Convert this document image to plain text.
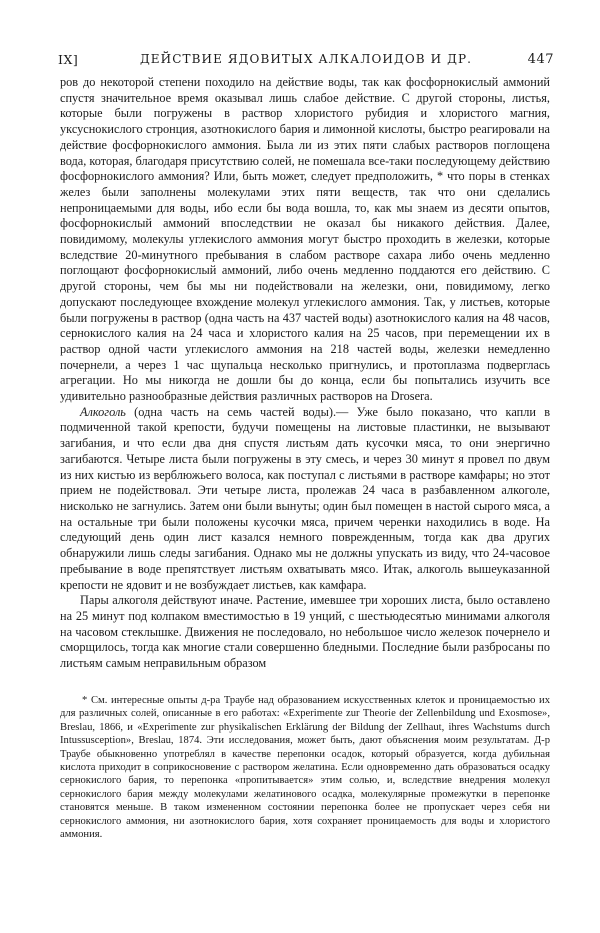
IX]	ДЕЙСТВИЕ ЯДОВИТЫХ АЛКАЛОИДОВ И ДР.	447

ров до некоторой степени походило на действие воды, так как фосфорнокислый аммоний спустя значительное время оказывал лишь слабое действие. С другой стороны, листья, которые были погружены в раствор хлористого рубидия и хлористого магния, уксуснокислого стронция, азотнокислого бария и лимонной кислоты, быстро реагировали на действие фосфорнокислого аммония. Была ли из этих пяти слабых растворов поглощена вода, которая, благодаря присутствию солей, не помешала все-таки последующему действию фосфорнокислого аммония? Или, быть может, следует предположить, * что поры в стенках желез были заполнены молекулами этих пяти веществ, так что они сделались непроницаемыми для воды, ибо если бы вода вошла, то, как мы знаем из десяти опытов, фосфорнокислый аммоний впоследствии не оказал бы никакого действия. Далее, повидимому, молекулы углекислого аммония могут быстро проходить в железки, которые вследствие 20-минутного пребывания в слабом растворе сахара либо очень медленно поглощают фосфорнокислый аммоний, либо очень медленно поддаются его действию. С другой стороны, чем бы мы ни подействовали на железки, они, повидимому, легко допускают последующее вхождение молекул углекислого аммония. Так, у листьев, которые были погружены в раствор (одна часть на 437 частей воды) азотнокислого калия на 48 часов, сернокислого калия на 24 часа и хлористого калия на 25 часов, при перемещении их в раствор одной части углекислого аммония на 218 частей воды, железки немедленно почернели, а через 1 час щупальца несколько пригнулись, и протоплазма подверглась агрегации. Но мы никогда не дошли бы до конца, если бы попытались изучить все удивительно разнообразные действия различных растворов на Drosera.

Алкоголь (одна часть на семь частей воды).— Уже было показано, что капли в подмиченной такой крепости, будучи помещены на листовые пластинки, не вызывают загибания, и что если два дня спустя листьям дать кусочки мяса, то они энергично загибаются. Четыре листа были погружены в эту смесь, и через 30 минут я провел по двум из них кистью из верблюжьего волоса, как поступал с листьями в растворе камфары; но этот прием не подействовал. Эти четыре листа, пролежав 24 часа в разбавленном алкоголе, нисколько не загнулись. Затем они были вынуты; один был помещен в настой сырого мяса, а на остальные три были положены кусочки мяса, причем черенки находились в воде. На следующий день один лист казался немного поврежденным, тогда как два других обнаружили лишь следы загибания. Однако мы не должны упускать из виду, что 24-часовое пребывание в воде препятствует листьям охватывать мясо. Итак, алкоголь вышеуказанной крепости не ядовит и не возбуждает листьев, как камфара.

Пары алкоголя действуют иначе. Растение, имевшее три хороших листа, было оставлено на 25 минут под колпаком вместимостью в 19 унций, с шестьюдесятью минимами алкоголя на часовом стеклышке. Движения не последовало, но небольшое число железок почернело и сморщилось, тогда как многие стали совершенно бледными. Последние были разбросаны по листьям самым неправильным образом

* См. интересные опыты д-ра Траубе над образованием искусственных клеток и проницаемостью их для различных солей, описанные в его работах: «Experimente zur Theorie der Zellenbildung und Exosmose», Breslau, 1866, и «Experimente zur physikalischen Erklärung der Bildung der Zellhaut, ihres Wachstums durch Intussusception», Breslau, 1874. Эти исследования, может быть, дают объяснения моим результатам. Д-р Траубе обыкновенно употреблял в качестве перепонки осадок, который образуется, когда дубильная кислота приходит в соприкосновение с раствором желатина. Если одновременно дать образоваться осадку сернокислого бария, то перепонка «пропитывается» этим солью, и, вследствие внедрения молекул сернокислого бария между молекулами желатинового осадка, молекулярные промежутки в перепонке становятся меньше. В таком измененном состоянии перепонка более не пропускает через себя ни сернокислого аммония, ни азотнокислого бария, хотя сохраняет проницаемость для воды и хлористого аммония.
